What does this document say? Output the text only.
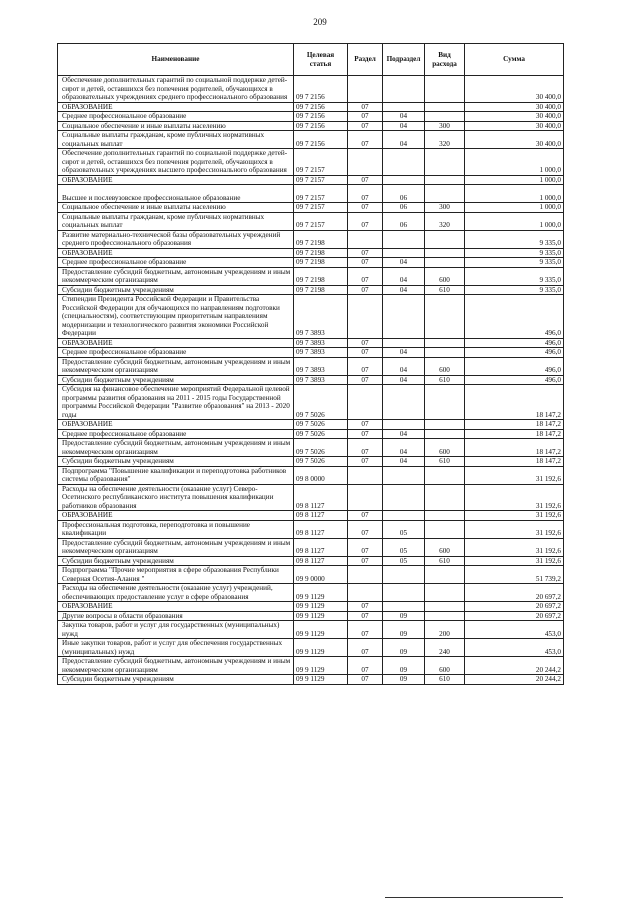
209
Наименование	Целевая статья	Раздел	Подраздел	Вид расхода	Сумма
Обеспечение дополнительных гарантий по социальной поддержке детей-сирот и детей, оставшихся без попечения родителей, обучающихся в образовательных учреждениях среднего профессионального образования	09 7 2156				30 400,0
ОБРАЗОВАНИЕ	09 7 2156	07			30 400,0
Среднее профессиональное образование	09 7 2156	07	04		30 400,0
Социальное обеспечение и иные выплаты населению	09 7 2156	07	04	300	30 400,0
Социальные выплаты гражданам, кроме публичных нормативных социальных выплат	09 7 2156	07	04	320	30 400,0
Обеспечение дополнительных гарантий по социальной поддержке детей-сирот и детей, оставшихся без попечения родителей, обучающихся в образовательных учреждениях высшего профессионального образования	09 7 2157				1 000,0
ОБРАЗОВАНИЕ	09 7 2157	07			1 000,0
Высшее и послевузовское профессиональное образование	09 7 2157	07	06		1 000,0
Социальное обеспечение и иные выплаты населению	09 7 2157	07	06	300	1 000,0
Социальные выплаты гражданам, кроме публичных нормативных социальных выплат	09 7 2157	07	06	320	1 000,0
Развитие материально-технической базы образовательных учреждений среднего профессионального образования	09 7 2198				9 335,0
ОБРАЗОВАНИЕ	09 7 2198	07			9 335,0
Среднее профессиональное образование	09 7 2198	07	04		9 335,0
Предоставление субсидий бюджетным, автономным учреждениям и иным некоммерческим организациям	09 7 2198	07	04	600	9 335,0
Субсидии бюджетным учреждениям	09 7 2198	07	04	610	9 335,0
Стипендии Президента Российской Федерации и Правительства Российской Федерации для обучающихся по направлениям подготовки (специальностям), соответствующим приоритетным направлениям модернизации и технологического развития экономики Российской Федерации	09 7 3893				496,0
ОБРАЗОВАНИЕ	09 7 3893	07			496,0
Среднее профессиональное образование	09 7 3893	07	04		496,0
Предоставление субсидий бюджетным, автономным учреждениям и иным некоммерческим организациям	09 7 3893	07	04	600	496,0
Субсидии бюджетным учреждениям	09 7 3893	07	04	610	496,0
Субсидия на финансовое обеспечение мероприятий Федеральной целевой программы развития образования на 2011 - 2015 годы Государственной программы Российской Федерации "Развитие образования" на 2013 - 2020 годы	09 7 5026				18 147,2
ОБРАЗОВАНИЕ	09 7 5026	07			18 147,2
Среднее профессиональное образование	09 7 5026	07	04		18 147,2
Предоставление субсидий бюджетным, автономным учреждениям и иным некоммерческим организациям	09 7 5026	07	04	600	18 147,2
Субсидии бюджетным учреждениям	09 7 5026	07	04	610	18 147,2
Подпрограмма "Повышение квалификации и переподготовка работников системы образования"	09 8 0000				31 192,6
Расходы на обеспечение деятельности (оказание услуг) Северо-Осетинского республиканского института повышения квалификации работников образования	09 8 1127				31 192,6
ОБРАЗОВАНИЕ	09 8 1127	07			31 192,6
Профессиональная подготовка, переподготовка и повышение квалификации	09 8 1127	07	05		31 192,6
Предоставление субсидий бюджетным, автономным учреждениям и иным некоммерческим организациям	09 8 1127	07	05	600	31 192,6
Субсидии бюджетным учреждениям	09 8 1127	07	05	610	31 192,6
Подпрограмма "Прочие мероприятия в сфере образования Республики Северная Осетия-Алания "	09 9 0000				51 739,2
Расходы на обеспечение деятельности (оказание услуг) учреждений, обеспечивающих предоставление услуг в сфере образования	09 9 1129				20 697,2
ОБРАЗОВАНИЕ	09 9 1129	07			20 697,2
Другие вопросы в области образования	09 9 1129	07	09		20 697,2
Закупка товаров, работ и услуг для государственных (муниципальных) нужд	09 9 1129	07	09	200	453,0
Иные закупки товаров, работ и услуг для обеспечения государственных (муниципальных) нужд	09 9 1129	07	09	240	453,0
Предоставление субсидий бюджетным, автономным учреждениям и иным некоммерческим организациям	09 9 1129	07	09	600	20 244,2
Субсидии бюджетным учреждениям	09 9 1129	07	09	610	20 244,2
